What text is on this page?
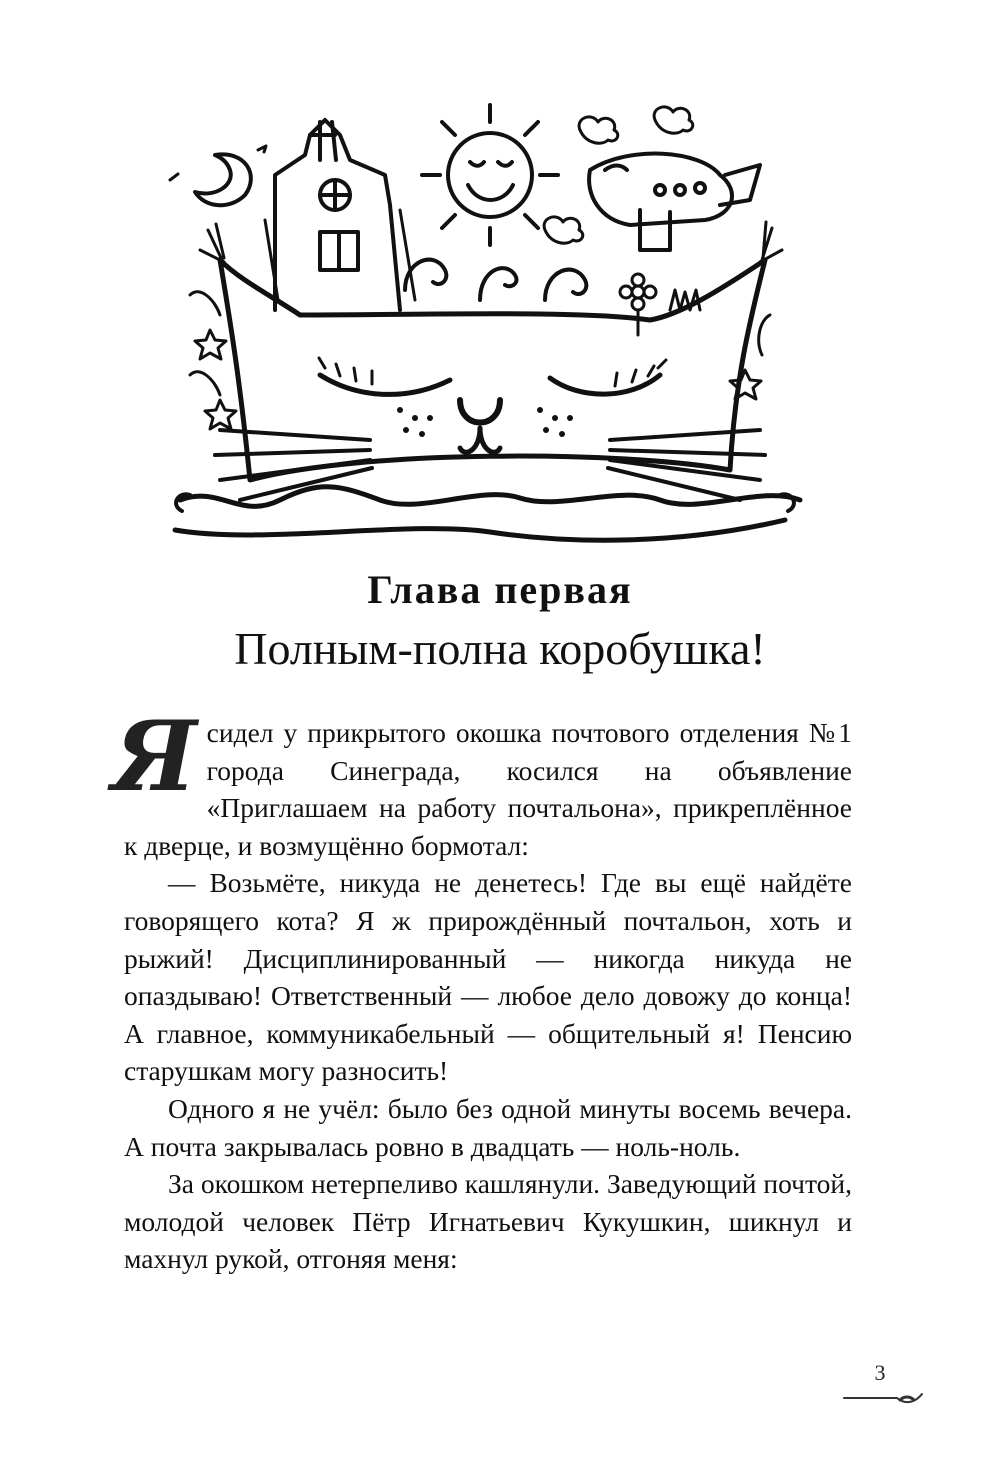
Глава первая
Полным-полна коробушка!

Я сидел у прикрытого окошка почтового отделения №1 города Синеграда, косился на объявление «Приглашаем на работу почтальона», прикреплённое к дверце, и возмущённо бормотал:

— Возьмёте, никуда не денетесь! Где вы ещё найдёте говорящего кота? Я ж прирождённый почтальон, хоть и рыжий! Дисциплинированный — никогда никуда не опаздываю! Ответственный — любое дело довожу до конца! А главное, коммуникабельный — общительный я! Пенсию старушкам могу разносить!

Одного я не учёл: было без одной минуты восемь вечера. А почта закрывалась ровно в двадцать — ноль-ноль.

За окошком нетерпеливо кашлянули. Заведующий почтой, молодой человек Пётр Игнатьевич Кукушкин, шикнул и махнул рукой, отгоняя меня:

3
